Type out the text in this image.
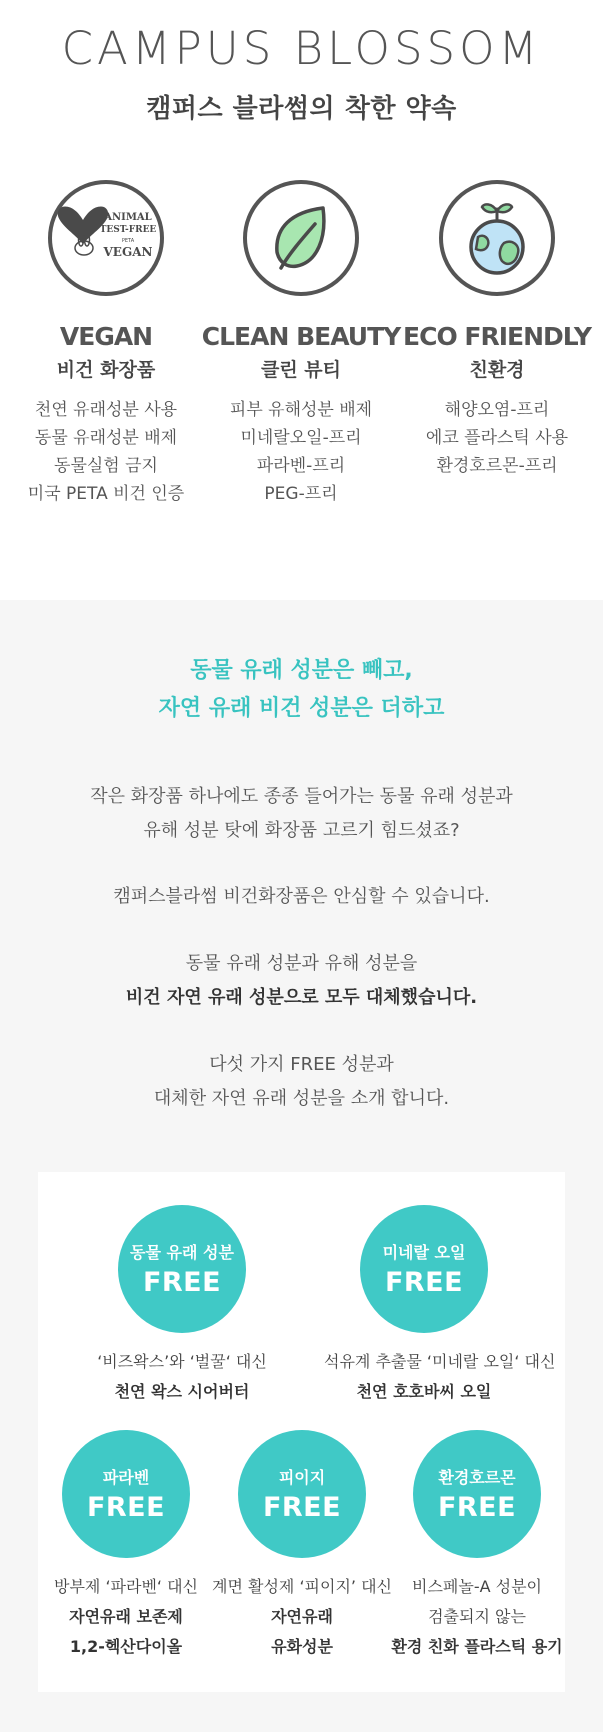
CAMPUS BLOSSOM
캠퍼스 블라썸의 착한 약속
ANIMAL
TEST-FREE
PETA
VEGAN
VEGAN
비건 화장품
천연 유래성분 사용
동물 유래성분 배제
동물실험 금지
미국 PETA 비건 인증
CLEAN BEAUTY
클린 뷰티
피부 유해성분 배제
미네랄오일-프리
파라벤-프리
PEG-프리
ECO FRIENDLY
친환경
해양오염-프리
에코 플라스틱 사용
환경호르몬-프리
동물 유래 성분은 빼고,
자연 유래 비건 성분은 더하고
작은 화장품 하나에도 종종 들어가는 동물 유래 성분과
유해 성분 탓에 화장품 고르기 힘드셨죠?
캠퍼스블라썸 비건화장품은 안심할 수 있습니다.
동물 유래 성분과 유해 성분을
비건 자연 유래 성분으로 모두 대체했습니다.
다섯 가지 FREE 성분과
대체한 자연 유래 성분을 소개 합니다.
동물 유래 성분
FREE
‘비즈왁스’와 ‘벌꿀‘ 대신
천연 왁스 시어버터
미네랄 오일
FREE
석유계 추출물 ‘미네랄 오일‘ 대신
천연 호호바씨 오일
파라벤
FREE
방부제 ‘파라벤‘ 대신
자연유래 보존제
1,2-헥산다이올
피이지
FREE
계면 활성제 ‘피이지’ 대신
자연유래
유화성분
환경호르몬
FREE
비스페놀-A 성분이
검출되지 않는
환경 친화 플라스틱 용기
